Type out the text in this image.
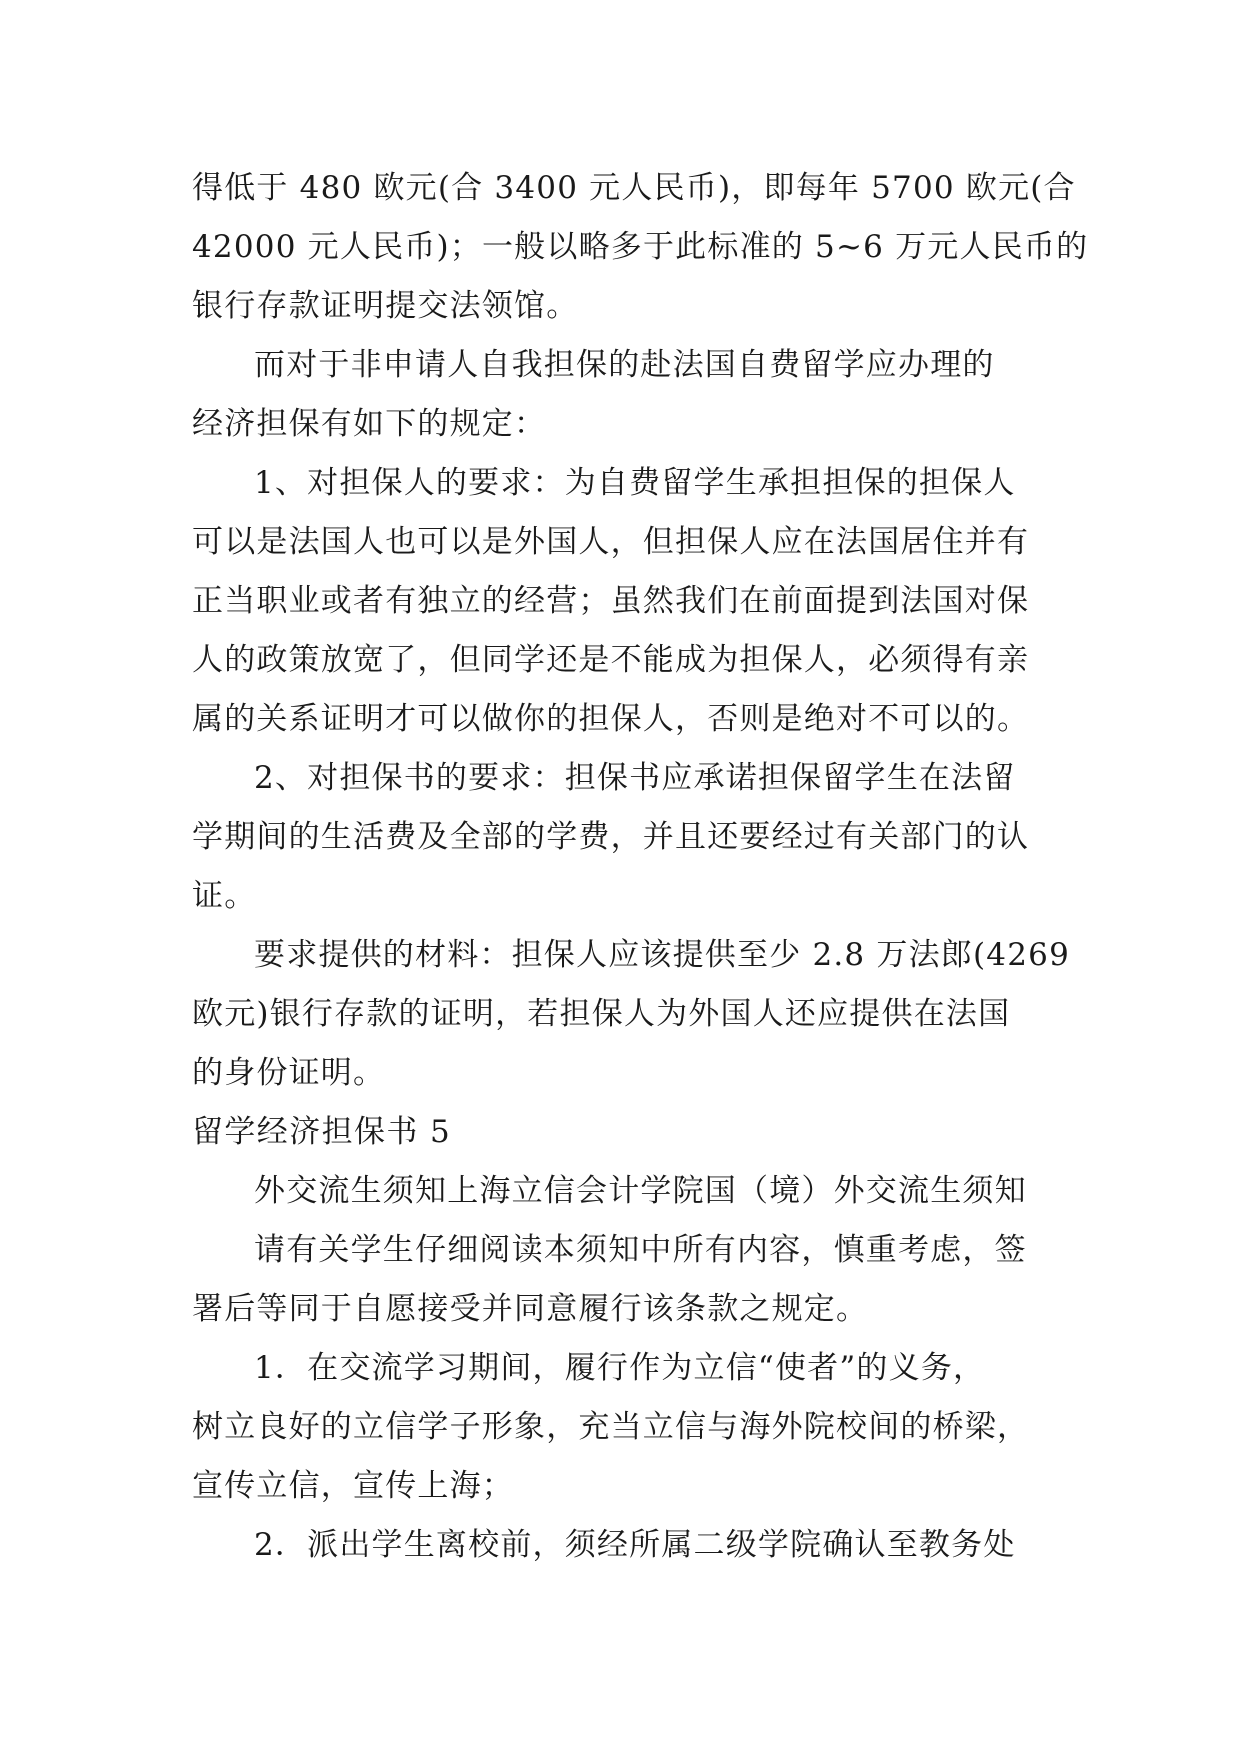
得低于 480 欧元(合 3400 元人民币)，即每年 5700 欧元(合
42000 元人民币)；一般以略多于此标准的 5~6 万元人民币的
银行存款证明提交法领馆。
而对于非申请人自我担保的赴法国自费留学应办理的
经济担保有如下的规定：
1、对担保人的要求：为自费留学生承担担保的担保人
可以是法国人也可以是外国人，但担保人应在法国居住并有
正当职业或者有独立的经营；虽然我们在前面提到法国对保
人的政策放宽了，但同学还是不能成为担保人，必须得有亲
属的关系证明才可以做你的担保人，否则是绝对不可以的。
2、对担保书的要求：担保书应承诺担保留学生在法留
学期间的生活费及全部的学费，并且还要经过有关部门的认
证。
要求提供的材料：担保人应该提供至少 2.8 万法郎(4269
欧元)银行存款的证明，若担保人为外国人还应提供在法国
的身份证明。
留学经济担保书 5
外交流生须知上海立信会计学院国（境）外交流生须知
请有关学生仔细阅读本须知中所有内容，慎重考虑，签
署后等同于自愿接受并同意履行该条款之规定。
1．在交流学习期间，履行作为立信“使者”的义务，
树立良好的立信学子形象，充当立信与海外院校间的桥梁，
宣传立信，宣传上海；
2．派出学生离校前，须经所属二级学院确认至教务处
